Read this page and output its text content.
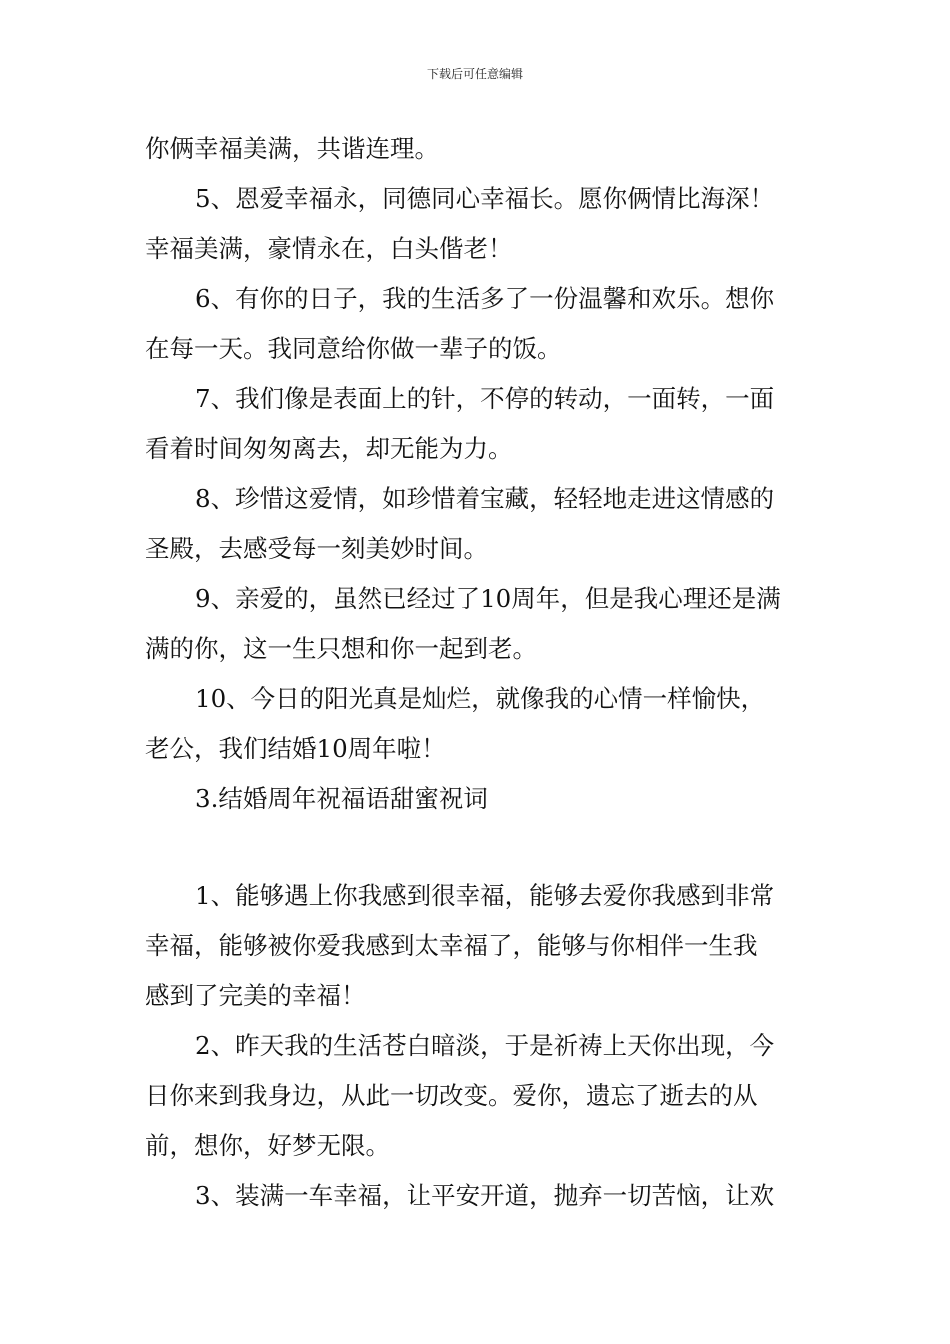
下载后可任意编辑
你俩幸福美满，共谐连理。
5、恩爱幸福永，同德同心幸福长。愿你俩情比海深！
幸福美满，豪情永在，白头偕老！
6、有你的日子，我的生活多了一份温馨和欢乐。想你
在每一天。我同意给你做一辈子的饭。
7、我们像是表面上的针，不停的转动，一面转，一面
看着时间匆匆离去，却无能为力。
8、珍惜这爱情，如珍惜着宝藏，轻轻地走进这情感的
圣殿，去感受每一刻美妙时间。
9、亲爱的，虽然已经过了10周年，但是我心理还是满
满的你，这一生只想和你一起到老。
10、今日的阳光真是灿烂，就像我的心情一样愉快，
老公，我们结婚10周年啦！
3.结婚周年祝福语甜蜜祝词
1、能够遇上你我感到很幸福，能够去爱你我感到非常
幸福，能够被你爱我感到太幸福了，能够与你相伴一生我
感到了完美的幸福！
2、昨天我的生活苍白暗淡，于是祈祷上天你出现，今
日你来到我身边，从此一切改变。爱你，遗忘了逝去的从
前，想你，好梦无限。
3、装满一车幸福，让平安开道，抛弃一切苦恼，让欢
